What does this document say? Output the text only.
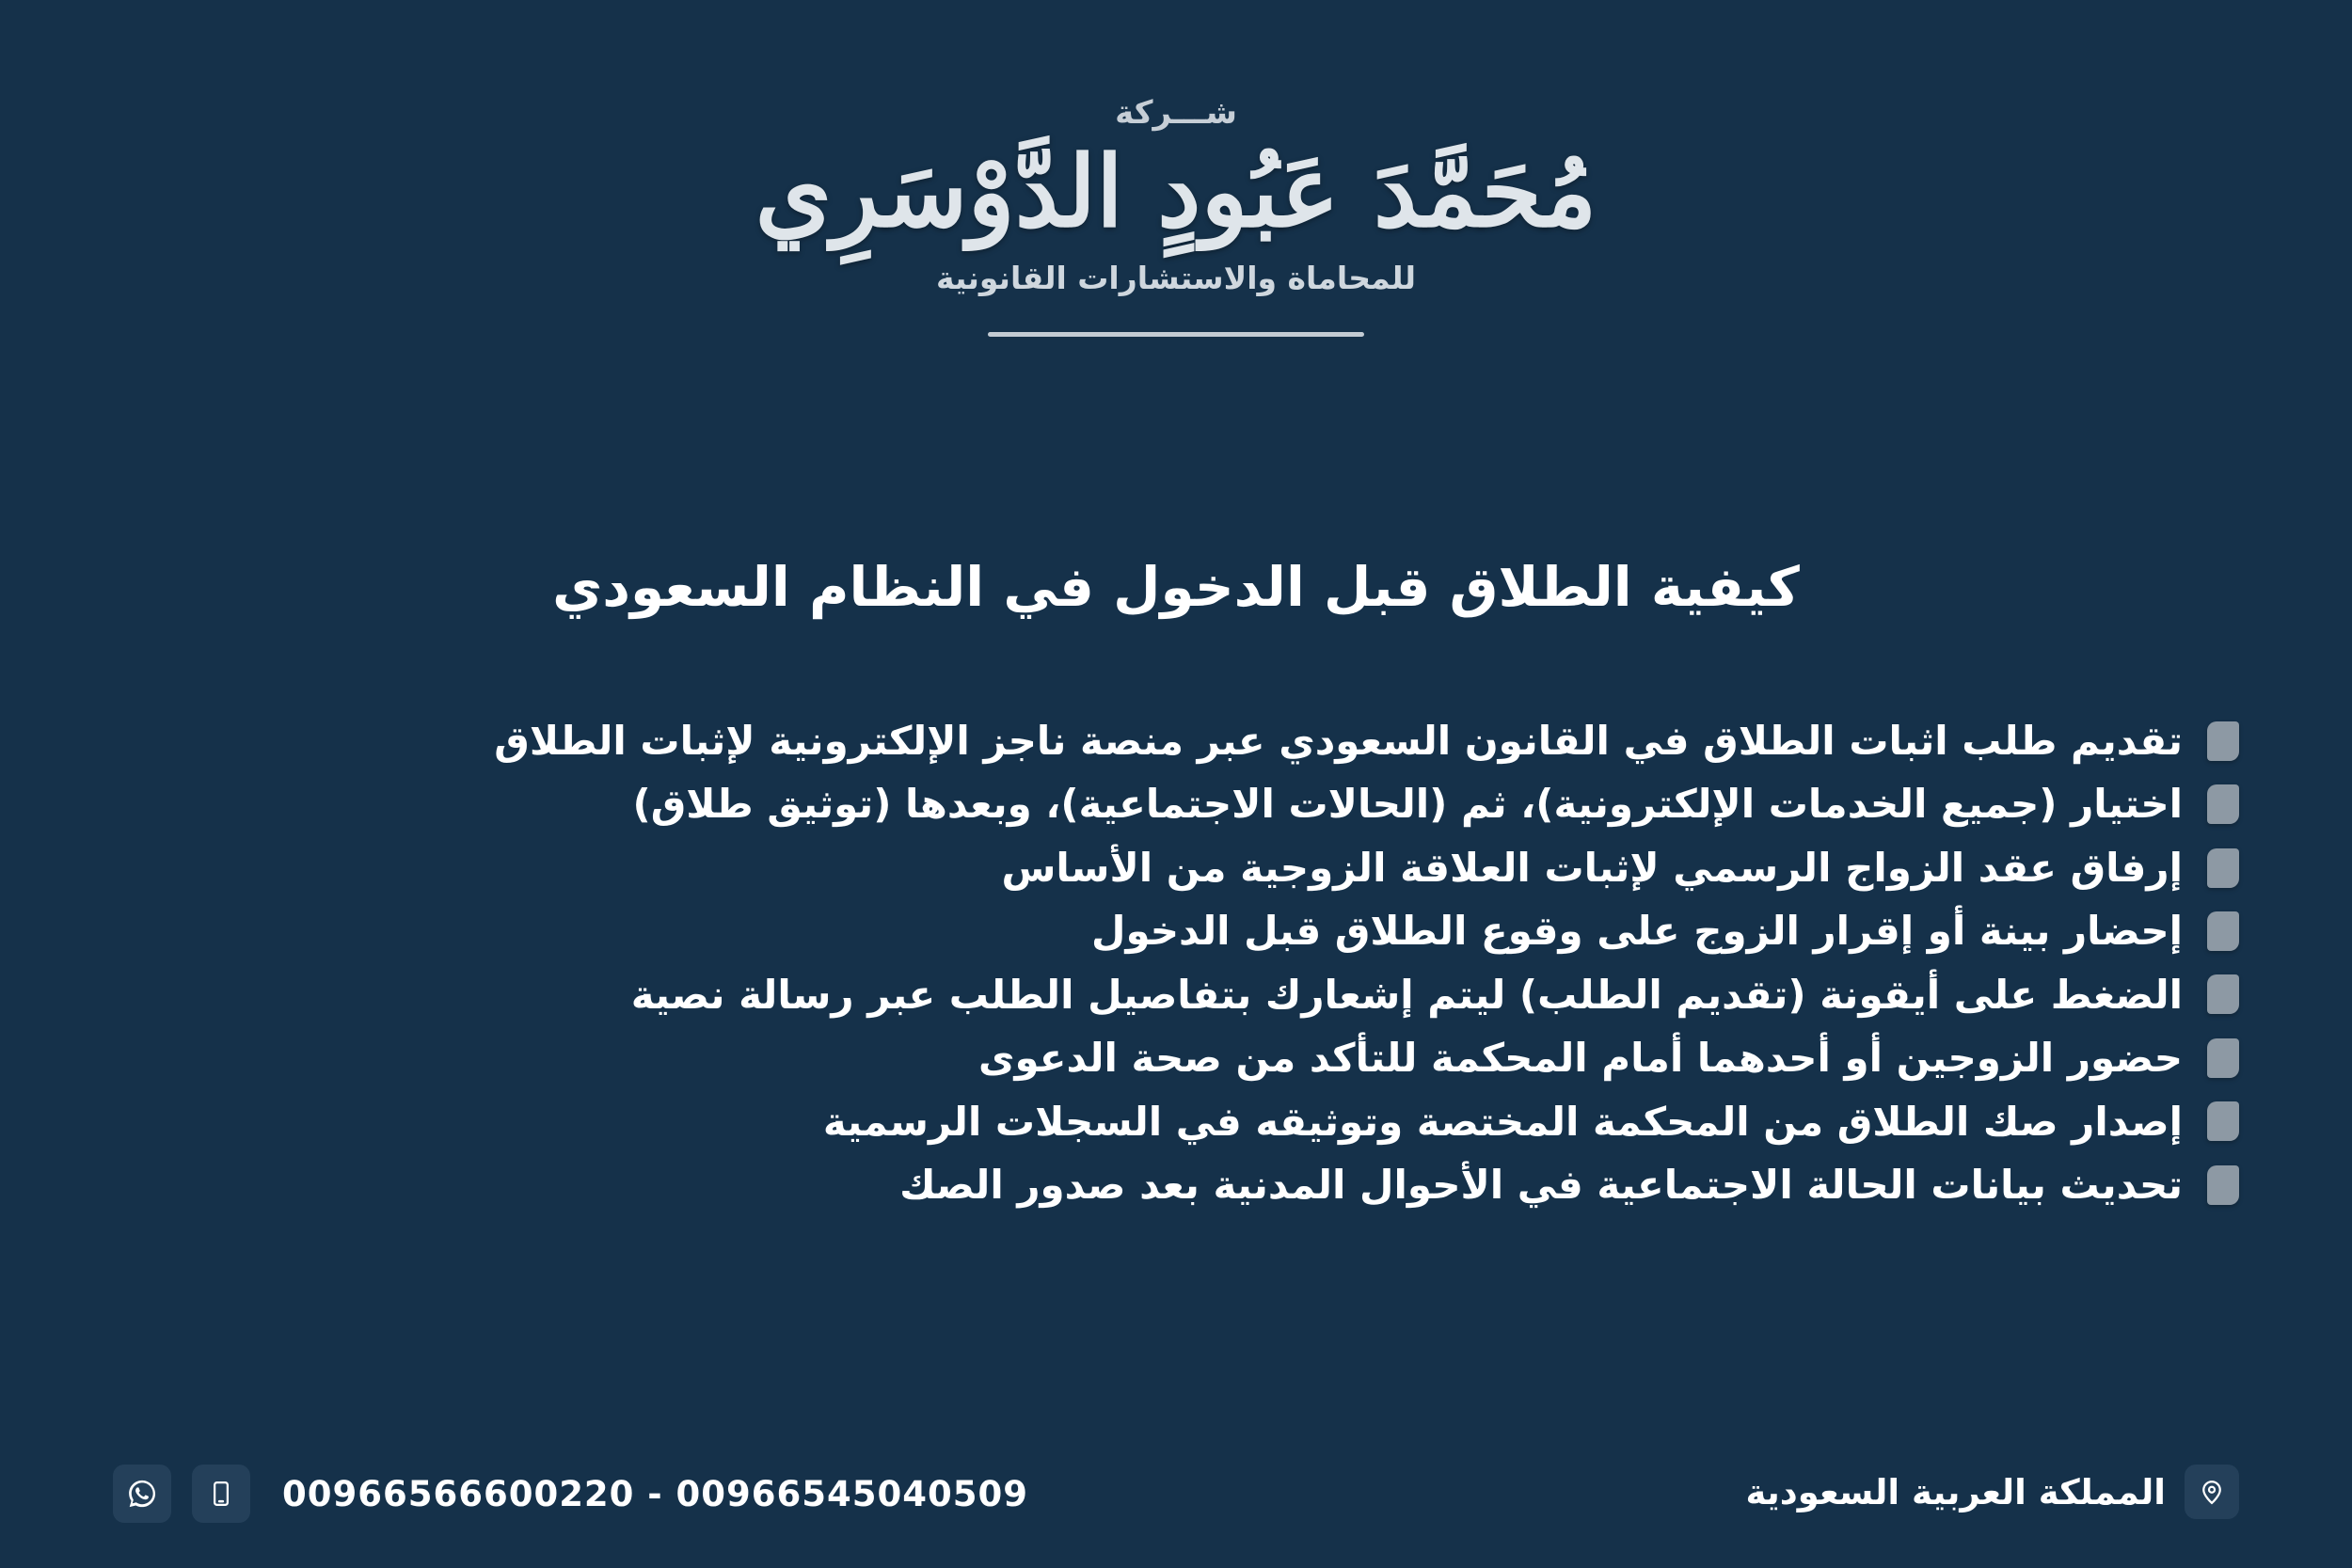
شـــركة
مُحَمَّدَ عَبُودٍ الدَّوْسَرِي
للمحاماة والاستشارات القانونية
كيفية الطلاق قبل الدخول في النظام السعودي
تقديم طلب اثبات الطلاق في القانون السعودي عبر منصة ناجز الإلكترونية لإثبات الطلاق
اختيار (جميع الخدمات الإلكترونية)، ثم (الحالات الاجتماعية)، وبعدها (توثيق طلاق)
إرفاق عقد الزواج الرسمي لإثبات العلاقة الزوجية من الأساس
إحضار بينة أو إقرار الزوج على وقوع الطلاق قبل الدخول
الضغط على أيقونة (تقديم الطلب) ليتم إشعارك بتفاصيل الطلب عبر رسالة نصية
حضور الزوجين أو أحدهما أمام المحكمة للتأكد من صحة الدعوى
إصدار صك الطلاق من المحكمة المختصة وتوثيقه في السجلات الرسمية
تحديث بيانات الحالة الاجتماعية في الأحوال المدنية بعد صدور الصك
00966566600220 - 00966545040509	المملكة العربية السعودية
